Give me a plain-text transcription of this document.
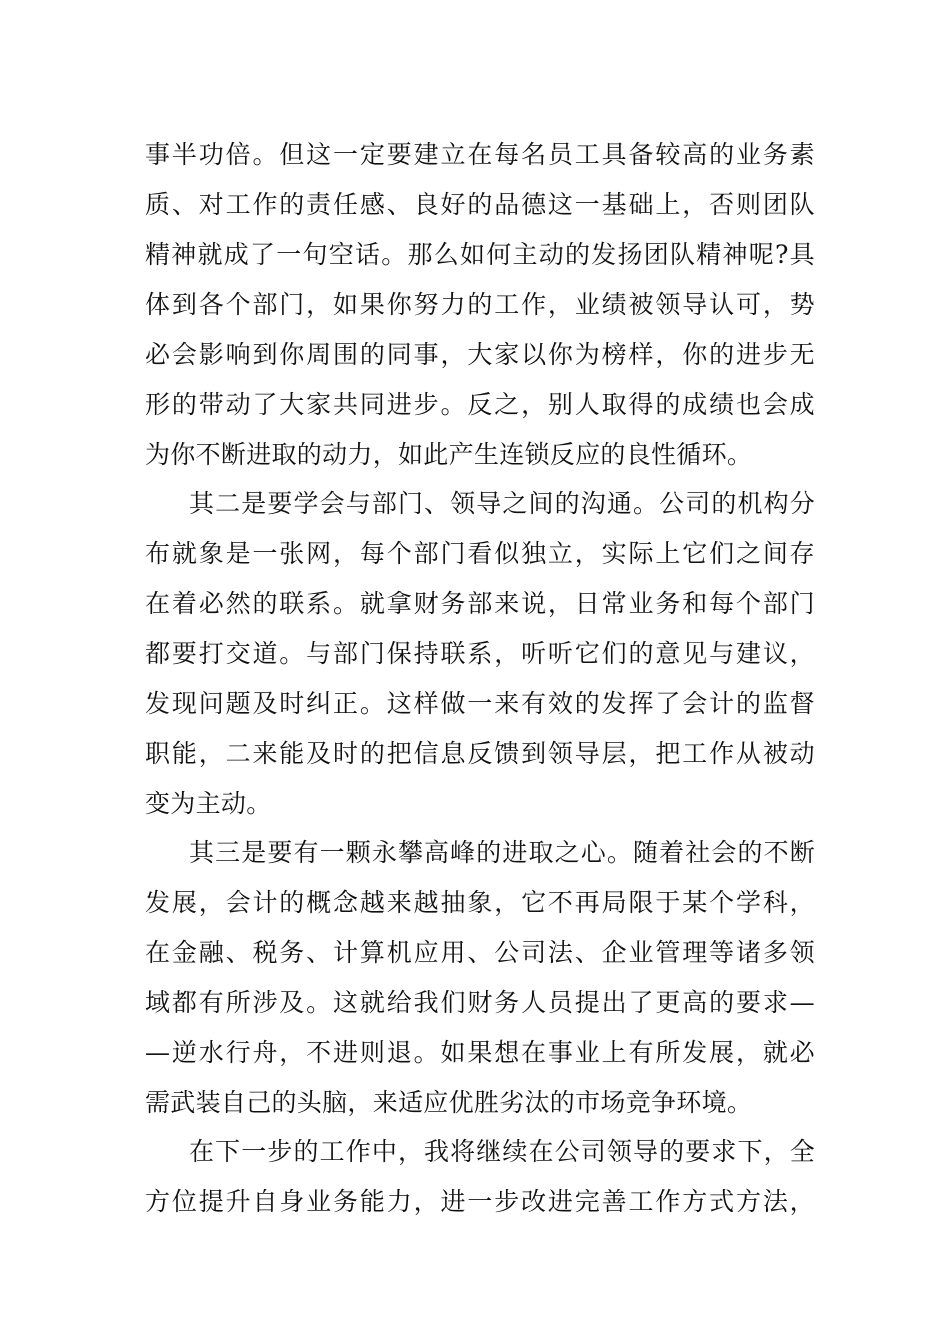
事半功倍。但这一定要建立在每名员工具备较高的业务素
质、对工作的责任感、良好的品德这一基础上，否则团队
精神就成了一句空话。那么如何主动的发扬团队精神呢?具
体到各个部门，如果你努力的工作，业绩被领导认可，势
必会影响到你周围的同事，大家以你为榜样，你的进步无
形的带动了大家共同进步。反之，别人取得的成绩也会成
为你不断进取的动力，如此产生连锁反应的良性循环。
其二是要学会与部门、领导之间的沟通。公司的机构分
布就象是一张网，每个部门看似独立，实际上它们之间存
在着必然的联系。就拿财务部来说，日常业务和每个部门
都要打交道。与部门保持联系，听听它们的意见与建议，
发现问题及时纠正。这样做一来有效的发挥了会计的监督
职能，二来能及时的把信息反馈到领导层，把工作从被动
变为主动。
其三是要有一颗永攀高峰的进取之心。随着社会的不断
发展，会计的概念越来越抽象，它不再局限于某个学科，
在金融、税务、计算机应用、公司法、企业管理等诸多领
域都有所涉及。这就给我们财务人员提出了更高的要求—
—逆水行舟，不进则退。如果想在事业上有所发展，就必
需武装自己的头脑，来适应优胜劣汰的市场竞争环境。
在下一步的工作中，我将继续在公司领导的要求下，全
方位提升自身业务能力，进一步改进完善工作方式方法，
